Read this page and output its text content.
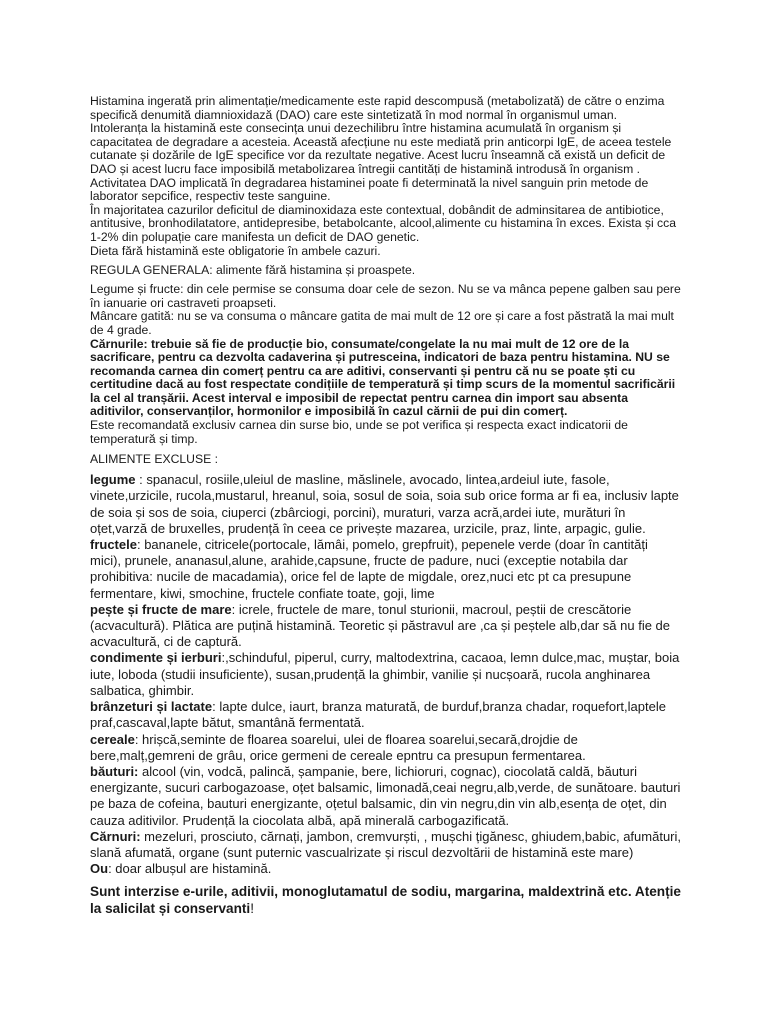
Histamina ingerată prin alimentație/medicamente este rapid descompusă (metabolizată) de către o enzima specifică denumită diamnioxidază (DAO) care este sintetizată în mod normal în organismul uman.

Intoleranța la histamină este consecința unui dezechilibru între histamina acumulată în organism și capacitatea de degradare a acesteia. Această afecțiune nu este mediată prin anticorpi IgE, de aceea testele cutanate și dozările de IgE specifice vor da rezultate negative. Acest lucru înseamnă că există un deficit de DAO și acest lucru face imposibilă metabolizarea întregii cantități de histamină introdusă în organism .

Activitatea DAO implicată în degradarea histaminei poate fi determinată la nivel sanguin prin metode de laborator sepcifice, respectiv teste sanguine.

În majoritatea cazurilor deficitul de diaminoxidaza este contextual, dobândit de adminsitarea de antibiotice, antitusive, bronhodilatatore, antidepresibe, betabolcante, alcool,alimente cu histamina în exces. Exista și cca 1-2% din polupație care manifesta un deficit de DAO genetic.

Dieta fără histamină este obligatorie în ambele cazuri.

REGULA GENERALA: alimente fără histamina și proaspete.

Legume și fructe: din cele permise se consuma doar cele de sezon. Nu se va mânca pepene galben sau pere în ianuarie ori castraveti proapseti.

Mâncare gatită: nu se va consuma o mâncare gatita de mai mult de 12 ore și care a fost păstrată la mai mult de 4 grade.

Cărnurile: trebuie să fie de producție bio, consumate/congelate la nu mai mult de 12 ore de la sacrificare, pentru ca dezvolta cadaverina și putresceina, indicatori de baza pentru histamina. NU se recomanda carnea din comerț pentru ca are aditivi, conservanti și pentru că nu se poate ști cu certitudine dacă au fost respectate condițiile de temperatură și timp scurs de la momentul sacrificării la cel al tranșării. Acest interval e imposibil de repectat pentru carnea din import sau absenta aditivilor, conservanților, hormonilor e imposibilă în cazul cărnii de pui din comerț.

Este recomandată exclusiv carnea din surse bio, unde se pot verifica și respecta exact indicatorii de temperatură și timp.

ALIMENTE EXCLUSE :

legume : spanacul, rosiile,uleiul de masline, măslinele, avocado, lintea,ardeiul iute, fasole, vinete,urzicile, rucola,mustarul, hreanul, soia, sosul de soia, soia sub orice forma ar fi ea, inclusiv lapte de soia și sos de soia, ciuperci (zbârciogi, porcini), muraturi, varza acră,ardei iute, murături în oțet,varză de bruxelles, prudență în ceea ce privește mazarea, urzicile, praz, linte, arpagic, gulie.

fructele: bananele, citricele(portocale, lămâi, pomelo, grepfruit), pepenele verde (doar în cantități mici), prunele, ananasul,alune, arahide,capsune, fructe de padure, nuci (exceptie notabila dar prohibitiva: nucile de macadamia), orice fel de lapte de migdale, orez,nuci etc pt ca presupune fermentare, kiwi, smochine, fructele confiate toate, goji, lime

pește și fructe de mare: icrele, fructele de mare, tonul sturionii, macroul, peștii de crescătorie (acvacultură). Plătica are puțină histamină. Teoretic și păstravul are ,ca și peștele alb,dar să nu fie de acvacultură, ci de captură.

condimente și ierburi:,schinduful, piperul, curry, maltodextrina, cacaoa, lemn dulce,mac, muștar, boia iute, loboda (studii insuficiente), susan,prudență la ghimbir, vanilie și nucșoară, rucola anghinarea salbatica, ghimbir.

brânzeturi și lactate: lapte dulce, iaurt, branza maturată, de burduf,branza chadar, roquefort,laptele praf,cascaval,lapte bătut, smantână fermentată.

cereale: hrișcă,seminte de floarea soarelui, ulei de floarea soarelui,secară,drojdie de bere,malț,gemreni de grâu, orice germeni de cereale epntru ca presupun fermentarea.

băuturi: alcool (vin, vodcă, palincă, șampanie, bere, lichioruri, cognac), ciocolată caldă, băuturi energizante, sucuri carbogazoase, oțet balsamic, limonadă,ceai negru,alb,verde, de sunătoare. bauturi pe baza de cofeina, bauturi energizante, oțetul balsamic, din vin negru,din vin alb,esența de oțet, din cauza aditivilor. Prudență la ciocolata albă, apă minerală carbogazificată.

Cărnuri: mezeluri, prosciuto, cărnați, jambon, cremvurști, , mușchi țigănesc, ghiudem,babic, afumături, slană afumată, organe (sunt puternic vascualrizate și riscul dezvoltării de histamină este mare)

Ou: doar albușul are histamină.

Sunt interzise e-urile, aditivii, monoglutamatul de sodiu, margarina, maldextrină etc. Atenție la salicilat și conservanti!
